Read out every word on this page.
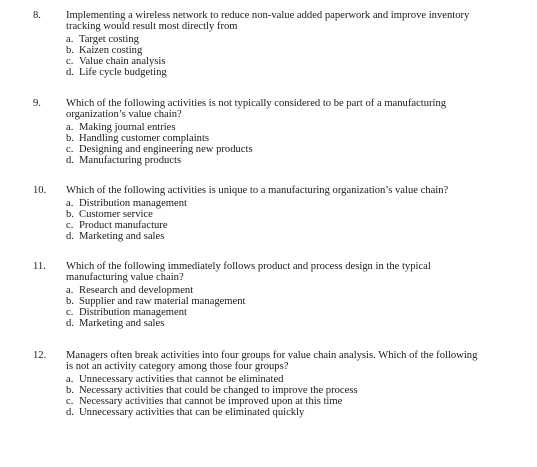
8. Implementing a wireless network to reduce non-value added paperwork and improve inventory
tracking would result most directly from
a. Target costing
b. Kaizen costing
c. Value chain analysis
d. Life cycle budgeting
9. Which of the following activities is not typically considered to be part of a manufacturing
organization’s value chain?
a. Making journal entries
b. Handling customer complaints
c. Designing and engineering new products
d. Manufacturing products
10. Which of the following activities is unique to a manufacturing organization’s value chain?
a. Distribution management
b. Customer service
c. Product manufacture
d. Marketing and sales
11. Which of the following immediately follows product and process design in the typical
manufacturing value chain?
a. Research and development
b. Supplier and raw material management
c. Distribution management
d. Marketing and sales
12. Managers often break activities into four groups for value chain analysis. Which of the following
is not an activity category among those four groups?
a. Unnecessary activities that cannot be eliminated
b. Necessary activities that could be changed to improve the process
c. Necessary activities that cannot be improved upon at this time
d. Unnecessary activities that can be eliminated quickly
